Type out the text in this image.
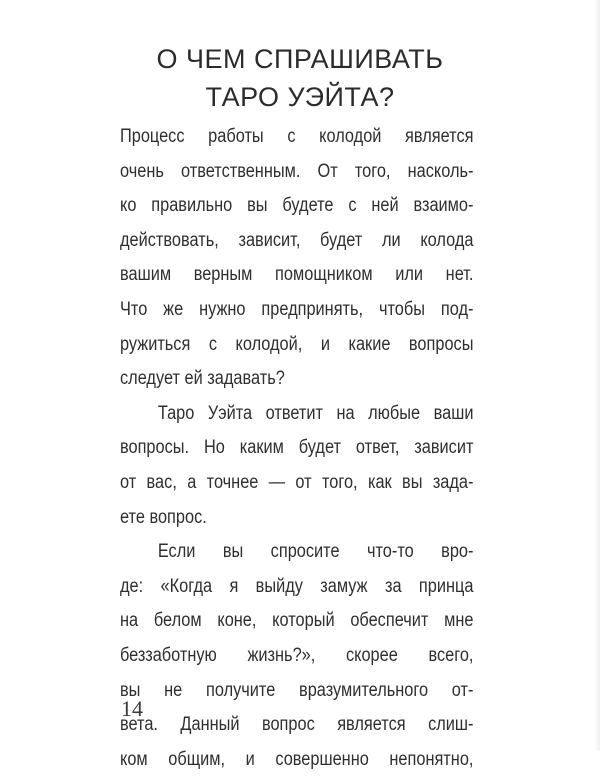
О ЧЕМ СПРАШИВАТЬ
ТАРО УЭЙТА?
Процесс работы с колодой является
очень ответственным. От того, насколь-
ко правильно вы будете с ней взаимо-
действовать, зависит, будет ли колода
вашим верным помощником или нет.
Что же нужно предпринять, чтобы под-
ружиться с колодой, и какие вопросы
следует ей задавать?
Таро Уэйта ответит на любые ваши
вопросы. Но каким будет ответ, зависит
от вас, а точнее — от того, как вы зада-
ете вопрос.
Если вы спросите что-то вро-
де: «Когда я выйду замуж за принца
на белом коне, который обеспечит мне
беззаботную жизнь?», скорее всего,
вы не получите вразумительного от-
вета. Данный вопрос является слиш-
ком общим, и совершенно непонятно,
14
